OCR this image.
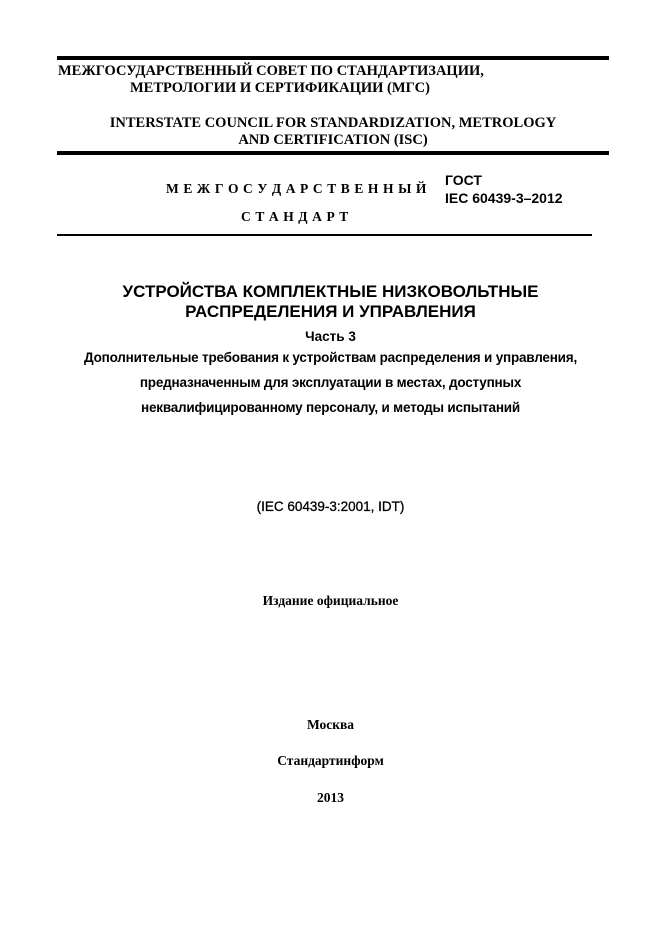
МЕЖГОСУДАРСТВЕННЫЙ СОВЕТ ПО СТАНДАРТИЗАЦИИ,
МЕТРОЛОГИИ И СЕРТИФИКАЦИИ (МГС)
INTERSTATE COUNCIL FOR STANDARDIZATION, METROLOGY
AND CERTIFICATION (ISC)
М Е Ж Г О С У Д А Р С Т В Е Н Н Ы Й
С Т А Н Д А Р Т
ГОСТ
IEC 60439-3–2012
УСТРОЙСТВА КОМПЛЕКТНЫЕ НИЗКОВОЛЬТНЫЕ
РАСПРЕДЕЛЕНИЯ И УПРАВЛЕНИЯ
Часть 3
Дополнительные требования к устройствам распределения и управления,
предназначенным для эксплуатации в местах, доступных
неквалифицированному персоналу, и методы испытаний
(IEC 60439-3:2001, IDT)
Издание официальное
Москва
Стандартинформ
2013
